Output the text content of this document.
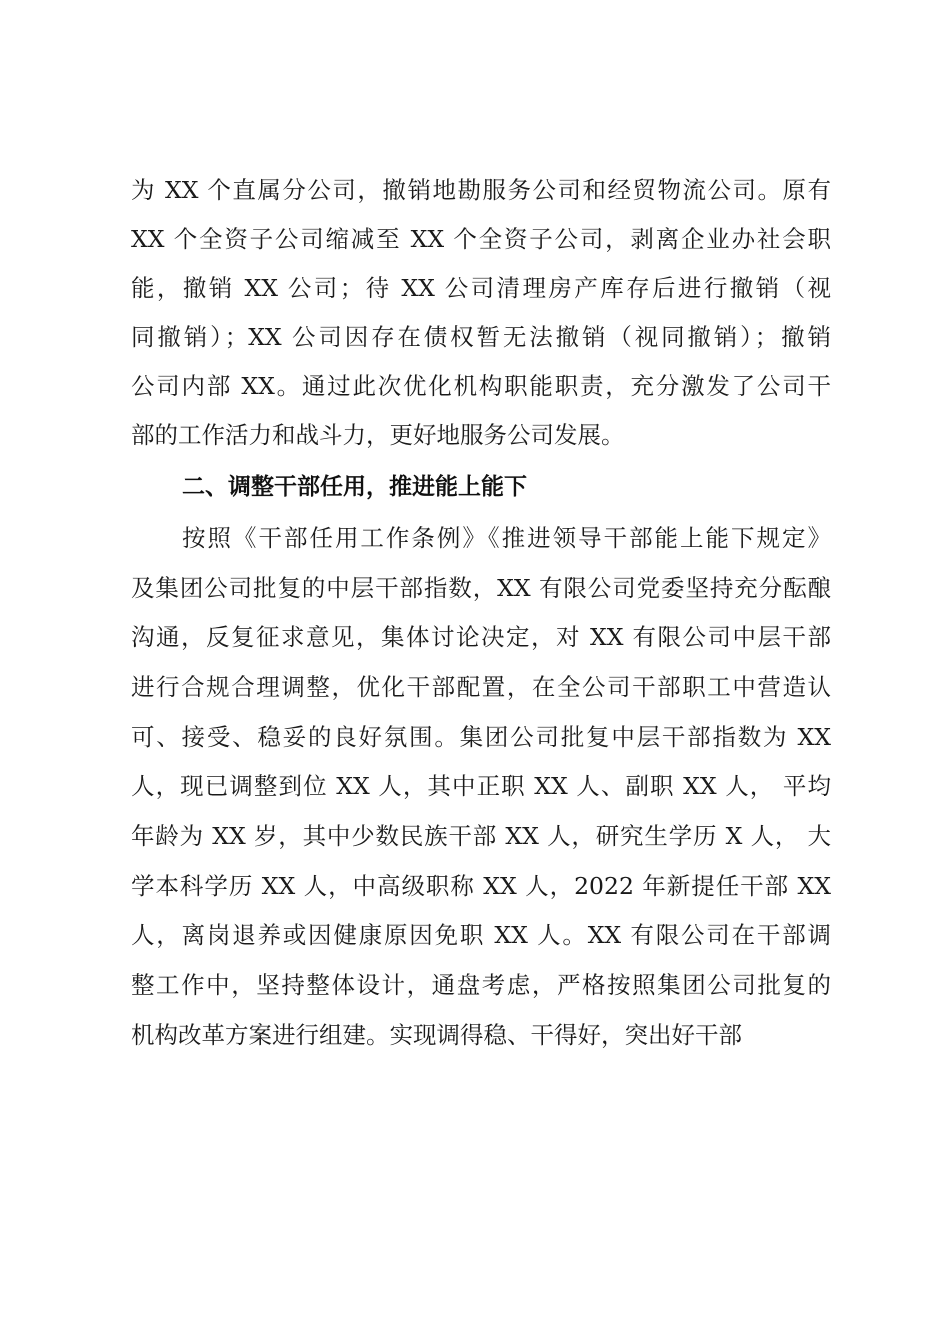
为 XX 个直属分公司，撤销地勘服务公司和经贸物流公司。原有
XX 个全资子公司缩减至 XX 个全资子公司，剥离企业办社会职
能，撤销 XX 公司；待 XX 公司清理房产库存后进行撤销（视
同撤销）；XX 公司因存在债权暂无法撤销（视同撤销）；撤销
公司内部 XX。通过此次优化机构职能职责，充分激发了公司干
部的工作活力和战斗力，更好地服务公司发展。
二、调整干部任用，推进能上能下
按照《干部任用工作条例》《推进领导干部能上能下规定》
及集团公司批复的中层干部指数，XX 有限公司党委坚持充分酝酿
沟通，反复征求意见，集体讨论决定，对 XX 有限公司中层干部
进行合规合理调整，优化干部配置，在全公司干部职工中营造认
可、接受、稳妥的良好氛围。集团公司批复中层干部指数为 XX
人，现已调整到位 XX 人，其中正职 XX 人、副职 XX 人， 平均
年龄为 XX 岁，其中少数民族干部 XX 人，研究生学历 X 人， 大
学本科学历 XX 人，中高级职称 XX 人，2022 年新提任干部 XX
人，离岗退养或因健康原因免职 XX 人。XX 有限公司在干部调
整工作中，坚持整体设计，通盘考虑，严格按照集团公司批复的
机构改革方案进行组建。实现调得稳、干得好，突出好干部
